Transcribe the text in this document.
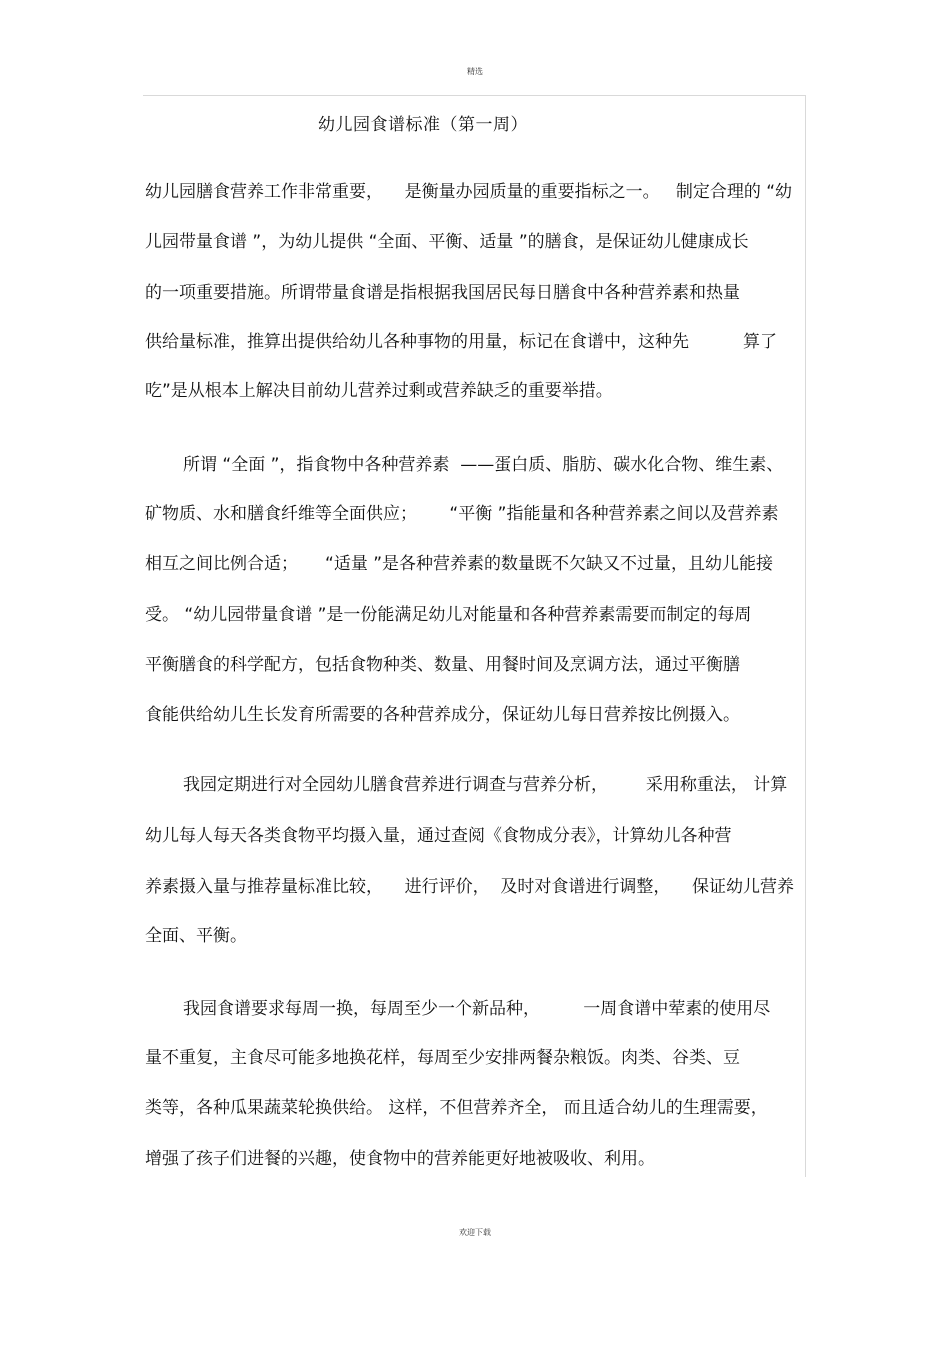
精选
幼儿园食谱标准（第一周）
幼儿园膳食营养工作非常重要，    是衡量办园质量的重要指标之一。   制定合理的 “幼
儿园带量食谱 ”，为幼儿提供 “全面、平衡、适量 ”的膳食，是保证幼儿健康成长
的一项重要措施。所谓带量食谱是指根据我国居民每日膳食中各种营养素和热量
供给量标准，推算出提供给幼儿各种事物的用量，标记在食谱中，这种先          算了
吃”是从根本上解决目前幼儿营养过剩或营养缺乏的重要举措。
所谓 “全面 ”，指食物中各种营养素  ——蛋白质、脂肪、碳水化合物、维生素、
矿物质、水和膳食纤维等全面供应；      “平衡 ”指能量和各种营养素之间以及营养素
相互之间比例合适；     “适量 ”是各种营养素的数量既不欠缺又不过量，且幼儿能接
受。 “幼儿园带量食谱 ”是一份能满足幼儿对能量和各种营养素需要而制定的每周
平衡膳食的科学配方，包括食物种类、数量、用餐时间及烹调方法，通过平衡膳
食能供给幼儿生长发育所需要的各种营养成分，保证幼儿每日营养按比例摄入。
我园定期进行对全园幼儿膳食营养进行调查与营养分析，       采用称重法， 计算
幼儿每人每天各类食物平均摄入量，通过查阅《食物成分表》，计算幼儿各种营
养素摄入量与推荐量标准比较，    进行评价，  及时对食谱进行调整，    保证幼儿营养
全面、平衡。
我园食谱要求每周一换，每周至少一个新品种，        一周食谱中荤素的使用尽
量不重复，主食尽可能多地换花样，每周至少安排两餐杂粮饭。肉类、谷类、豆
类等，各种瓜果蔬菜轮换供给。 这样，不但营养齐全， 而且适合幼儿的生理需要，
增强了孩子们进餐的兴趣，使食物中的营养能更好地被吸收、利用。
欢迎下载
